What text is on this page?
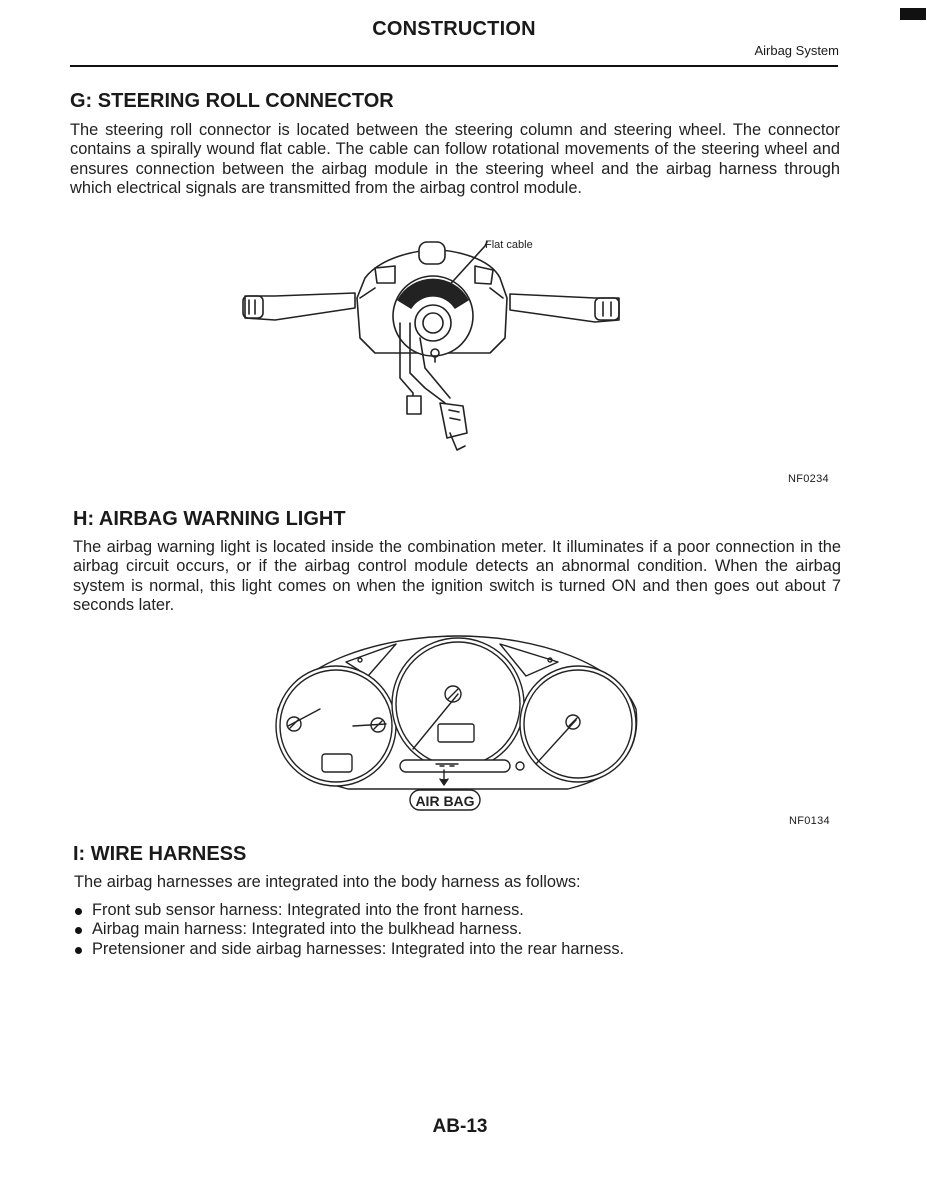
CONSTRUCTION
Airbag System
G: STEERING ROLL CONNECTOR

The steering roll connector is located between the steering column and steering wheel. The connector contains a spirally wound flat cable. The cable can follow rotational movements of the steering wheel and ensures connection between the airbag module in the steering wheel and the airbag harness through which electrical signals are transmitted from the airbag control module.

Flat cable
NF0234
H: AIRBAG WARNING LIGHT

The airbag warning light is located inside the combination meter. It illuminates if a poor connection in the airbag circuit occurs, or if the airbag control module detects an abnormal condition. When the airbag system is normal, this light comes on when the ignition switch is turned ON and then goes out about 7 seconds later.

AIR BAG
NF0134
I: WIRE HARNESS

The airbag harnesses are integrated into the body harness as follows:

Front sub sensor harness: Integrated into the front harness.
Airbag main harness: Integrated into the bulkhead harness.
Pretensioner and side airbag harnesses: Integrated into the rear harness.
AB-13
